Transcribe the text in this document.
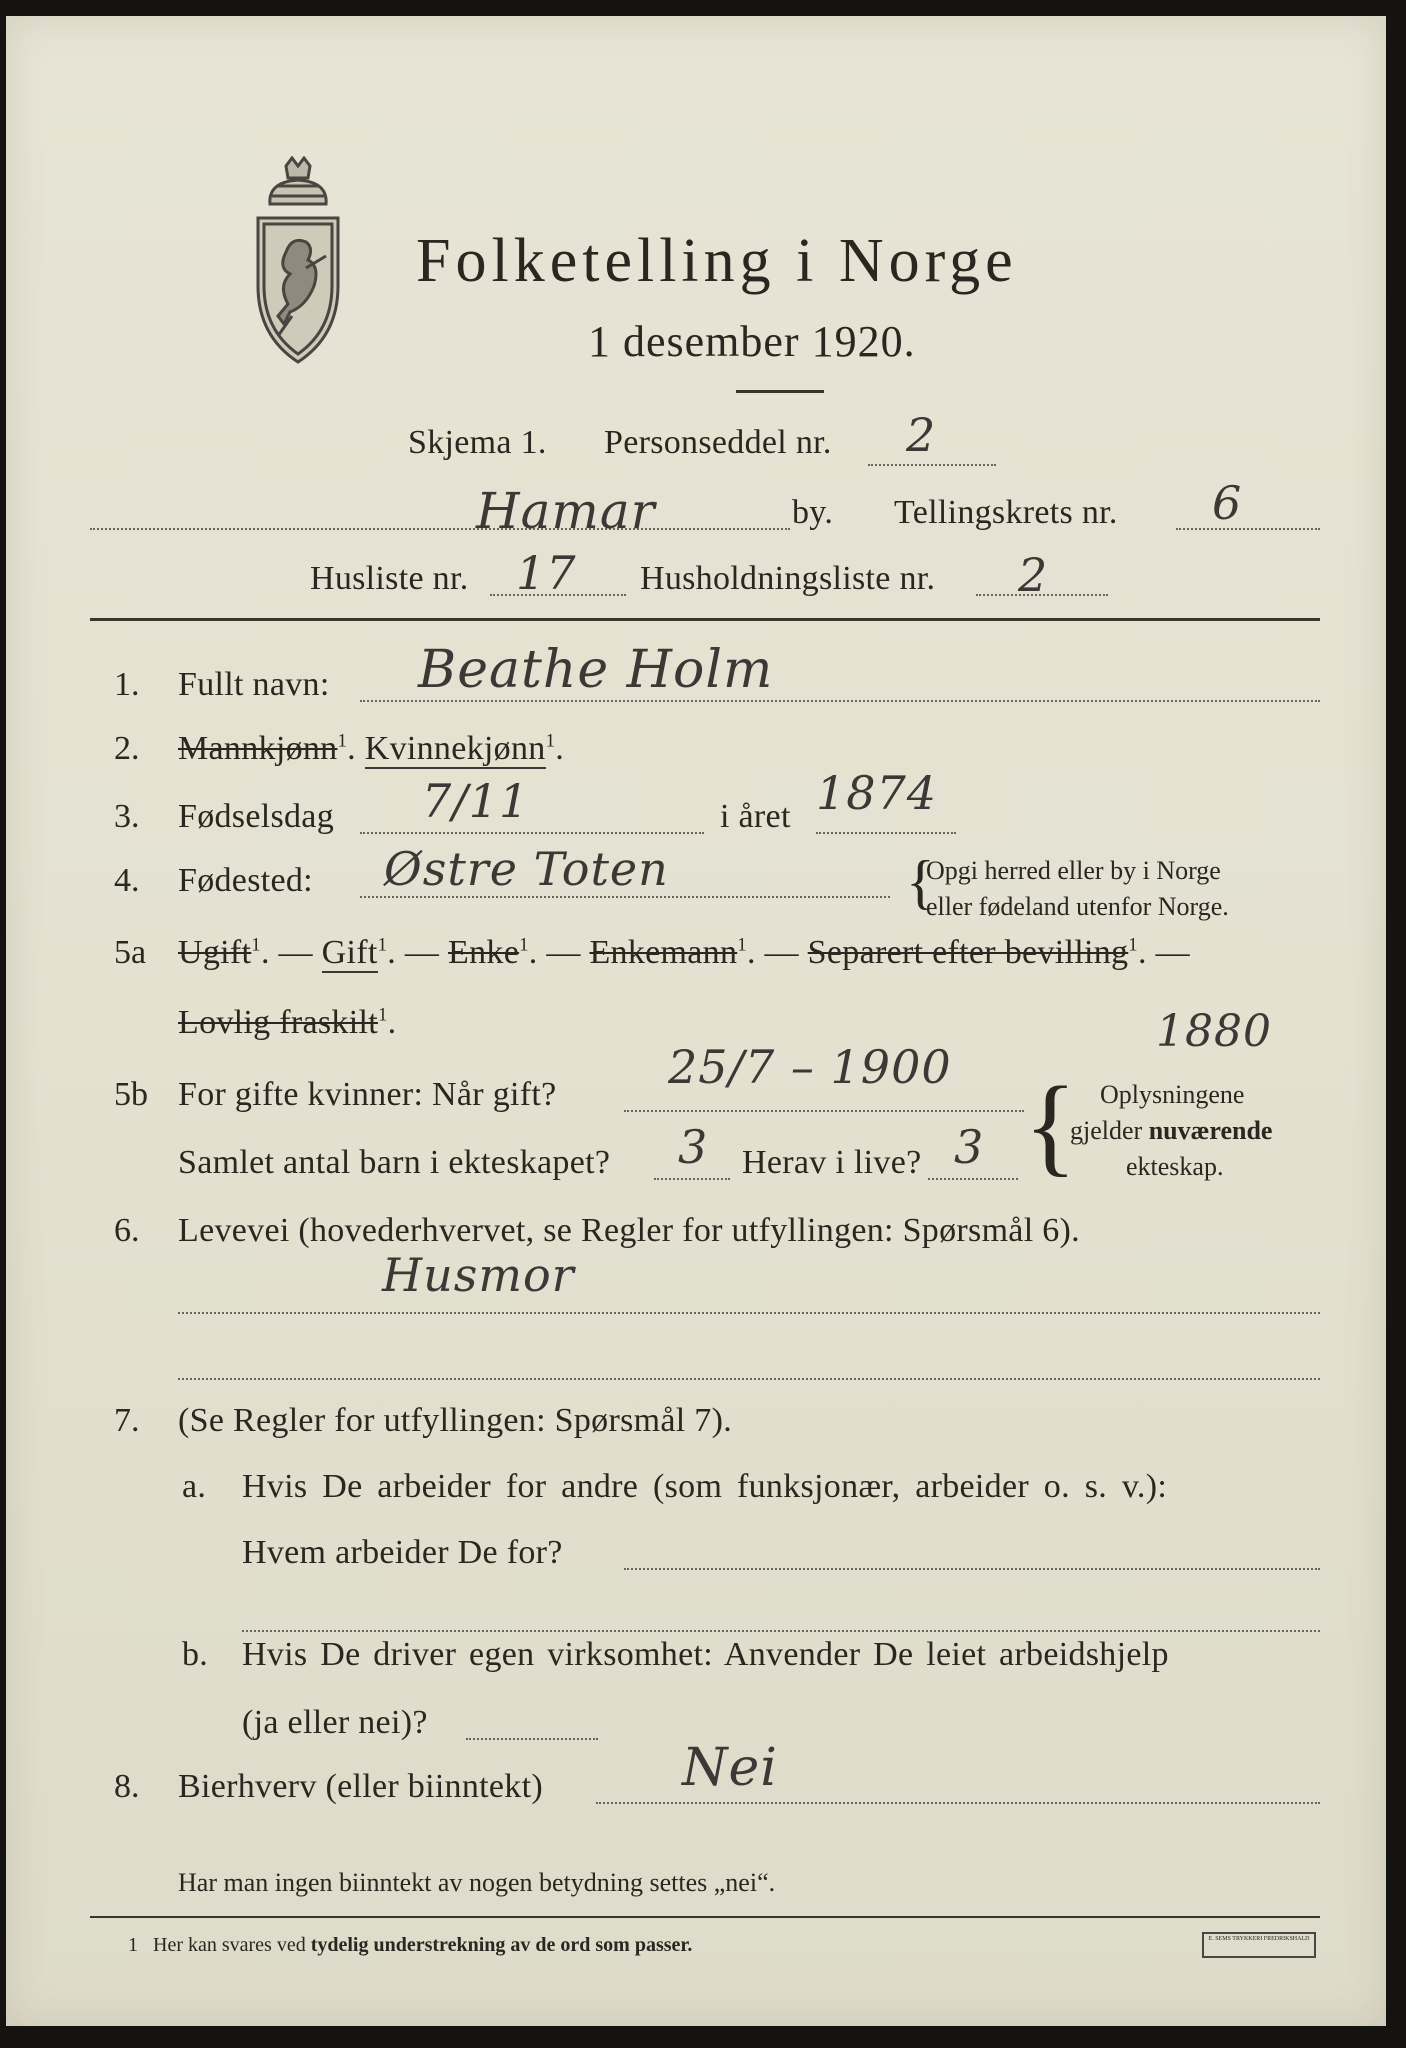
Folketelling i Norge
1 desember 1920.
Skjema 1. Personseddel nr. 2
Hamar	by. Tellingskrets nr. 6
Husliste nr. 17 Husholdningsliste nr. 2
1. Fullt navn: Beathe Holm
2. Mannkjønn$^1$. Kvinnekjønn$^1$.
3. Fødselsdag 7/11	i året 1874
4. Fødested: Østre Toten	{
Opgi herred eller by i Norge
eller fødeland utenfor Norge.
5a Ugift$^1$. — Gift$^1$. — Enke$^1$. — Enkemann$^1$. — Separert efter bevilling$^1$. —
Lovlig fraskilt$^1$.
5b For gifte kvinner: Når gift?
25/7 – 1900
1880
Samlet antal barn i ekteskapet? 3 Herav i live? 3 { Oplysningene
gjelder nuværende
ekteskap.
6. Levevei (hovederhvervet, se Regler for utfyllingen: Spørsmål 6).
Husmor
7. (Se Regler for utfyllingen: Spørsmål 7).
a. Hvis De arbeider for andre (som funksjonær, arbeider o. s. v.):
Hvem arbeider De for?
b. Hvis De driver egen virksomhet: Anvender De leiet arbeidshjelp
(ja eller nei)?
8. Bierhverv (eller biinntekt)	Nei
Har man ingen biinntekt av nogen betydning settes „nei“.
1 Her kan svares ved tydelig understrekning av de ord som passer.	E. SEMS TRYKKERI FREDRIKSHALD
